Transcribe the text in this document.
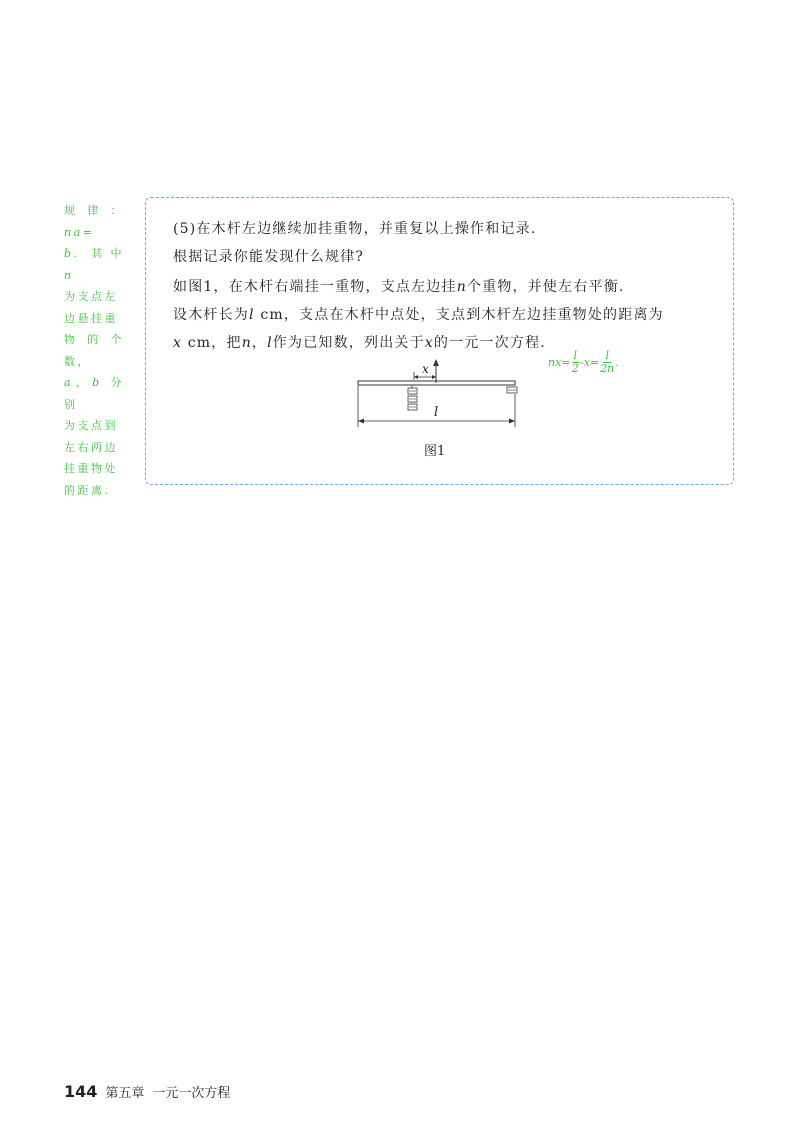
规律：na=
b. 其中 n
为支点左
边悬挂重
物的个数，
a，b 分别
为支点到
左右两边
挂重物处
的距离.
(5)在木杆左边继续加挂重物，并重复以上操作和记录.
根据记录你能发现什么规律?
如图1，在木杆右端挂一重物，支点左边挂n个重物，并使左右平衡.
设木杆长为l cm，支点在木杆中点处，支点到木杆左边挂重物处的距离为
x cm，把n，l作为已知数，列出关于x的一元一次方程.
$nx= \frac{l}{2} -x= \frac{l}{2n}$ .
x
l
图1
144 第五章 一元一次方程
